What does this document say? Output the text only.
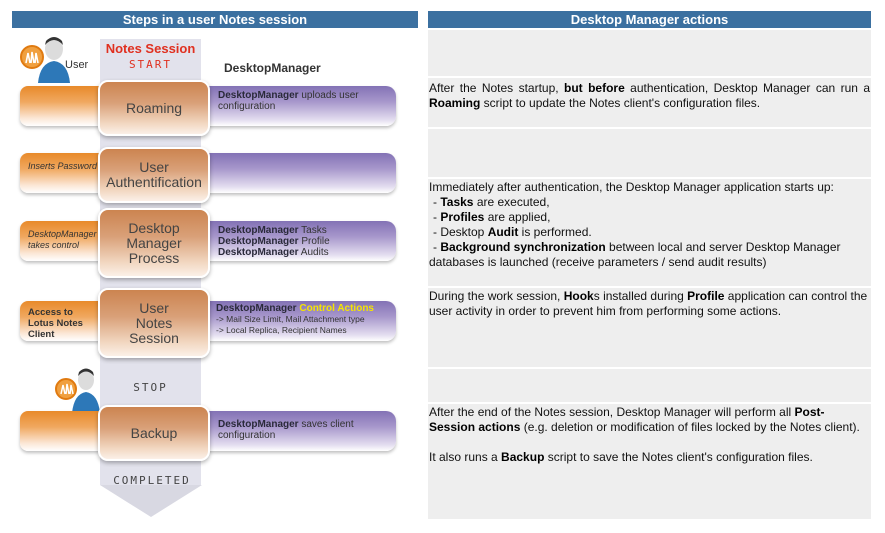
Steps in a user Notes session
User
Notes Session
START	DesktopManager
Roaming
DesktopManager uploads user configuration
User
Authentification
Inserts Password
Desktop
Manager
Process
DesktopManager takes control
DesktopManager Tasks
DesktopManager Profile
DesktopManager Audits
User
Notes
Session
Access to Lotus Notes Client
DesktopManager Control Actions
-> Mail Size Limit, Mail Attachment type
-> Local Replica, Recipient Names
STOP
Backup	DesktopManager saves client configuration
COMPLETED
Desktop Manager actions
After the Notes startup, but before authentication, Desktop Manager can run a Roaming script to update the Notes client's configuration files.
Immediately after authentication, the Desktop Manager application starts up:
- Tasks are executed,
- Profiles are applied,
- Desktop Audit is performed.
- Background synchronization between local and server Desktop Manager databases is launched (receive parameters / send audit results)
During the work session, Hooks installed during Profile application can control the user activity in order to prevent him from performing some actions.
After the end of the Notes session, Desktop Manager will perform all Post-Session actions (e.g. deletion or modification of files locked by the Notes client).
It also runs a Backup script to save the Notes client's configuration files.
